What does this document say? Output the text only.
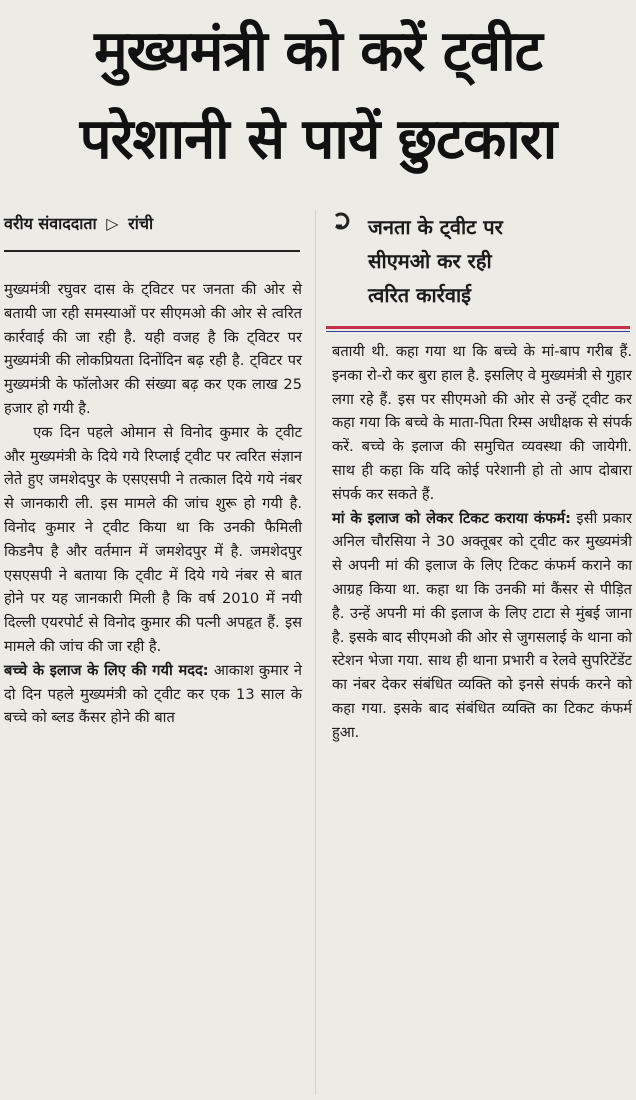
मुख्यमंत्री को करें ट्वीट
परेशानी से पायें छुटकारा
वरीय संवाददाता ▷ रांची	जनता के ट्वीट पर
सीएमओ कर रही
त्वरित कार्रवाई

मुख्यमंत्री रघुवर दास के ट्विटर पर जनता की ओर से बतायी जा रही समस्याओं पर सीएमओ की ओर से त्वरित कार्रवाई की जा रही है. यही वजह है कि ट्विटर पर मुख्यमंत्री की लोकप्रियता दिनोंदिन बढ़ रही है. ट्विटर पर मुख्यमंत्री के फॉलोअर की संख्या बढ़ कर एक लाख 25 हजार हो गयी है.

एक दिन पहले ओमान से विनोद कुमार के ट्वीट और मुख्यमंत्री के दिये गये रिप्लाई ट्वीट पर त्वरित संज्ञान लेते हुए जमशेदपुर के एसएसपी ने तत्काल दिये गये नंबर से जानकारी ली. इस मामले की जांच शुरू हो गयी है. विनोद कुमार ने ट्वीट किया था कि उनकी फैमिली किडनैप है और वर्तमान में जमशेदपुर में है. जमशेदपुर एसएसपी ने बताया कि ट्वीट में दिये गये नंबर से बात होने पर यह जानकारी मिली है कि वर्ष 2010 में नयी दिल्ली एयरपोर्ट से विनोद कुमार की पत्नी अपहृत हैं. इस मामले की जांच की जा रही है.

बच्चे के इलाज के लिए की गयी मदद: आकाश कुमार ने दो दिन पहले मुख्यमंत्री को ट्वीट कर एक 13 साल के बच्चे को ब्लड कैंसर होने की बात

बतायी थी. कहा गया था कि बच्चे के मां-बाप गरीब हैं. इनका रो-रो कर बुरा हाल है. इसलिए वे मुख्यमंत्री से गुहार लगा रहे हैं. इस पर सीएमओ की ओर से उन्हें ट्वीट कर कहा गया कि बच्चे के माता-पिता रिम्स अधीक्षक से संपर्क करें. बच्चे के इलाज की समुचित व्यवस्था की जायेगी. साथ ही कहा कि यदि कोई परेशानी हो तो आप दोबारा संपर्क कर सकते हैं.

मां के इलाज को लेकर टिकट कराया कंफर्म: इसी प्रकार अनिल चौरसिया ने 30 अक्तूबर को ट्वीट कर मुख्यमंत्री से अपनी मां की इलाज के लिए टिकट कंफर्म कराने का आग्रह किया था. कहा था कि उनकी मां कैंसर से पीड़ित है. उन्हें अपनी मां की इलाज के लिए टाटा से मुंबई जाना है. इसके बाद सीएमओ की ओर से जुगसलाई के थाना को स्टेशन भेजा गया. साथ ही थाना प्रभारी व रेलवे सुपरिटेंडेंट का नंबर देकर संबंधित व्यक्ति को इनसे संपर्क करने को कहा गया. इसके बाद संबंधित व्यक्ति का टिकट कंफर्म हुआ.
